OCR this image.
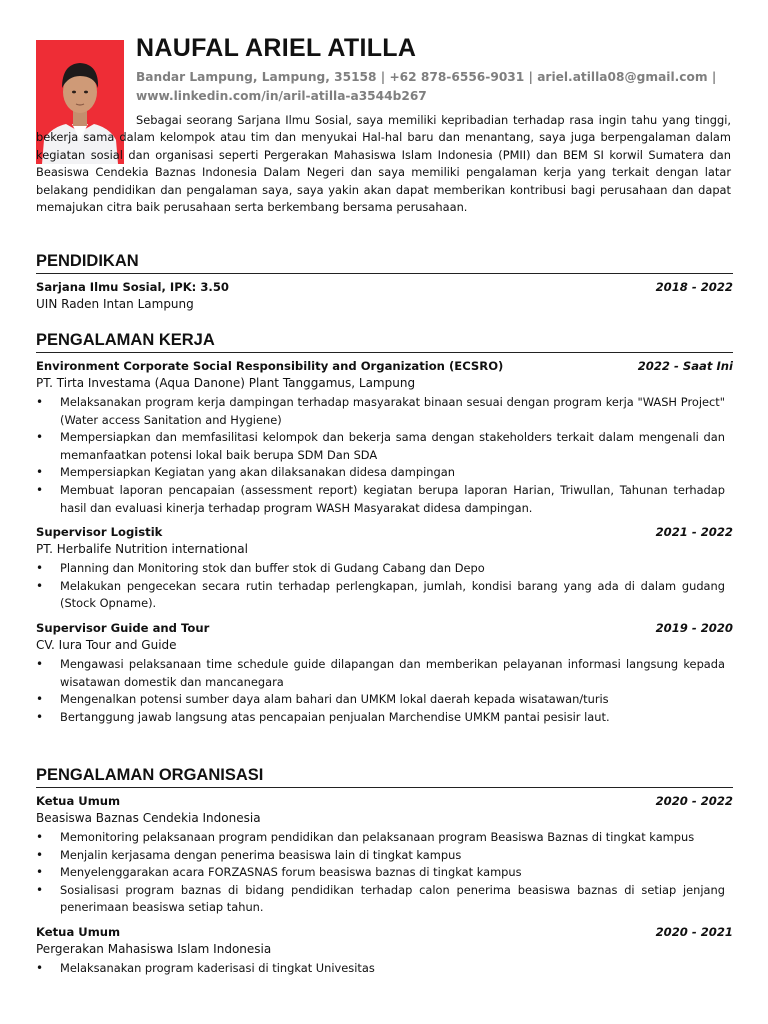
NAUFAL ARIEL ATILLA
Bandar Lampung, Lampung, 35158 | +62 878-6556-9031 | ariel.atilla08@gmail.com | www.linkedin.com/in/aril-atilla-a3544b267
Sebagai seorang Sarjana Ilmu Sosial, saya memiliki kepribadian terhadap rasa ingin tahu yang tinggi, bekerja sama dalam kelompok atau tim dan menyukai Hal-hal baru dan menantang, saya juga berpengalaman dalam kegiatan sosial dan organisasi seperti Pergerakan Mahasiswa Islam Indonesia (PMII) dan BEM SI korwil Sumatera dan Beasiswa Cendekia Baznas Indonesia Dalam Negeri dan saya memiliki pengalaman kerja yang terkait dengan latar belakang pendidikan dan pengalaman saya, saya yakin akan dapat memberikan kontribusi bagi perusahaan dan dapat memajukan citra baik perusahaan serta berkembang bersama perusahaan.
PENDIDIKAN
Sarjana Ilmu Sosial, IPK: 3.50	2018 - 2022
UIN Raden Intan Lampung
PENGALAMAN KERJA
Environment Corporate Social Responsibility and Organization (ECSRO)	2022 - Saat Ini
PT. Tirta Investama (Aqua Danone) Plant Tanggamus, Lampung
• Melaksanakan program kerja dampingan terhadap masyarakat binaan sesuai dengan program kerja "WASH Project" (Water access Sanitation and Hygiene)
• Mempersiapkan dan memfasilitasi kelompok dan bekerja sama dengan stakeholders terkait dalam mengenali dan memanfaatkan potensi lokal baik berupa SDM Dan SDA
• Mempersiapkan Kegiatan yang akan dilaksanakan didesa dampingan
• Membuat laporan pencapaian (assessment report) kegiatan berupa laporan Harian, Triwullan, Tahunan terhadap hasil dan evaluasi kinerja terhadap program WASH Masyarakat didesa dampingan.
Supervisor Logistik	2021 - 2022
PT. Herbalife Nutrition international
• Planning dan Monitoring stok dan buffer stok di Gudang Cabang dan Depo
• Melakukan pengecekan secara rutin terhadap perlengkapan, jumlah, kondisi barang yang ada di dalam gudang (Stock Opname).
Supervisor Guide and Tour	2019 - 2020
CV. Iura Tour and Guide
• Mengawasi pelaksanaan time schedule guide dilapangan dan memberikan pelayanan informasi langsung kepada wisatawan domestik dan mancanegara
• Mengenalkan potensi sumber daya alam bahari dan UMKM lokal daerah kepada wisatawan/turis
• Bertanggung jawab langsung atas pencapaian penjualan Marchendise UMKM pantai pesisir laut.
PENGALAMAN ORGANISASI
Ketua Umum	2020 - 2022
Beasiswa Baznas Cendekia Indonesia
• Memonitoring pelaksanaan program pendidikan dan pelaksanaan program Beasiswa Baznas di tingkat kampus
• Menjalin kerjasama dengan penerima beasiswa lain di tingkat kampus
• Menyelenggarakan acara FORZASNAS forum beasiswa baznas di tingkat kampus
• Sosialisasi program baznas di bidang pendidikan terhadap calon penerima beasiswa baznas di setiap jenjang penerimaan beasiswa setiap tahun.
Ketua Umum	2020 - 2021
Pergerakan Mahasiswa Islam Indonesia
• Melaksanakan program kaderisasi di tingkat Univesitas
